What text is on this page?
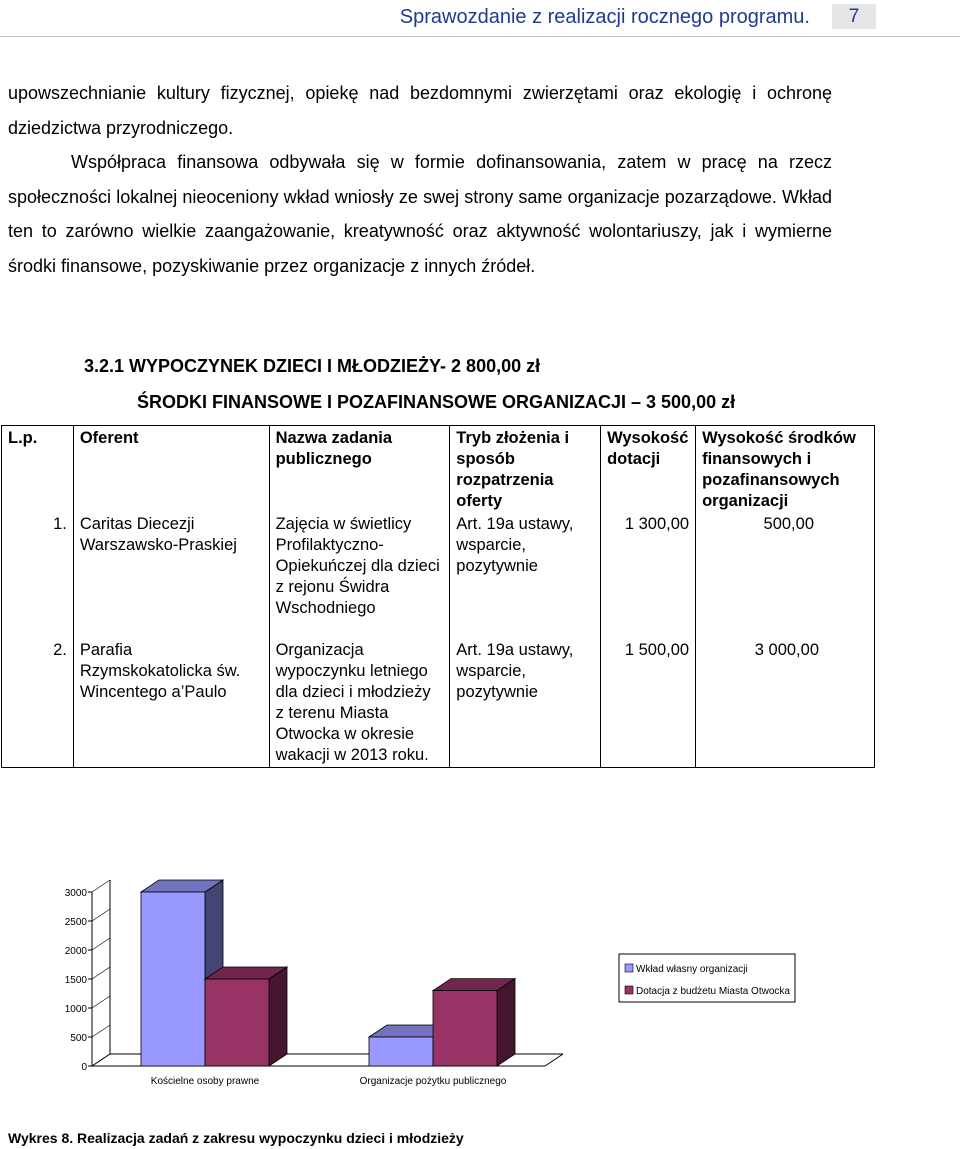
Sprawozdanie z realizacji rocznego programu.	7

upowszechnianie kultury fizycznej, opiekę nad bezdomnymi zwierzętami oraz ekologię i ochronę dziedzictwa przyrodniczego.

Współpraca finansowa odbywała się w formie dofinansowania, zatem w pracę na rzecz społeczności lokalnej nieoceniony wkład wniosły ze swej strony same organizacje pozarządowe. Wkład ten to zarówno wielkie zaangażowanie, kreatywność oraz aktywność wolontariuszy, jak i wymierne środki finansowe, pozyskiwanie przez organizacje z innych źródeł.

3.2.1 WYPOCZYNEK DZIECI I MŁODZIEŻY- 2 800,00 zł
ŚRODKI FINANSOWE I POZAFINANSOWE ORGANIZACJI – 3 500,00 zł
L.p.	Oferent	Nazwa zadania publicznego	Tryb złożenia i sposób rozpatrzenia oferty	Wysokość dotacji	Wysokość środków finansowych i pozafinansowych organizacji
1.	Caritas Diecezji Warszawsko-Praskiej	Zajęcia w świetlicy Profilaktyczno-Opiekuńczej dla dzieci z rejonu Świdra Wschodniego	Art. 19a ustawy, wsparcie, pozytywnie	1 300,00	500,00
2.	Parafia Rzymskokatolicka św. Wincentego a’Paulo	Organizacja wypoczynku letniego dla dzieci i młodzieży z terenu Miasta Otwocka w okresie wakacji w 2013 roku.	Art. 19a ustawy, wsparcie, pozytywnie	1 500,00	3 000,00
0
500
1000
1500
2000
2500
3000
Kościelne osoby prawne	Organizacje pożytku publicznego
Wkład własny organizacji
Dotacja z budżetu Miasta Otwocka
Wykres 8. Realizacja zadań z zakresu wypoczynku dzieci i młodzieży
